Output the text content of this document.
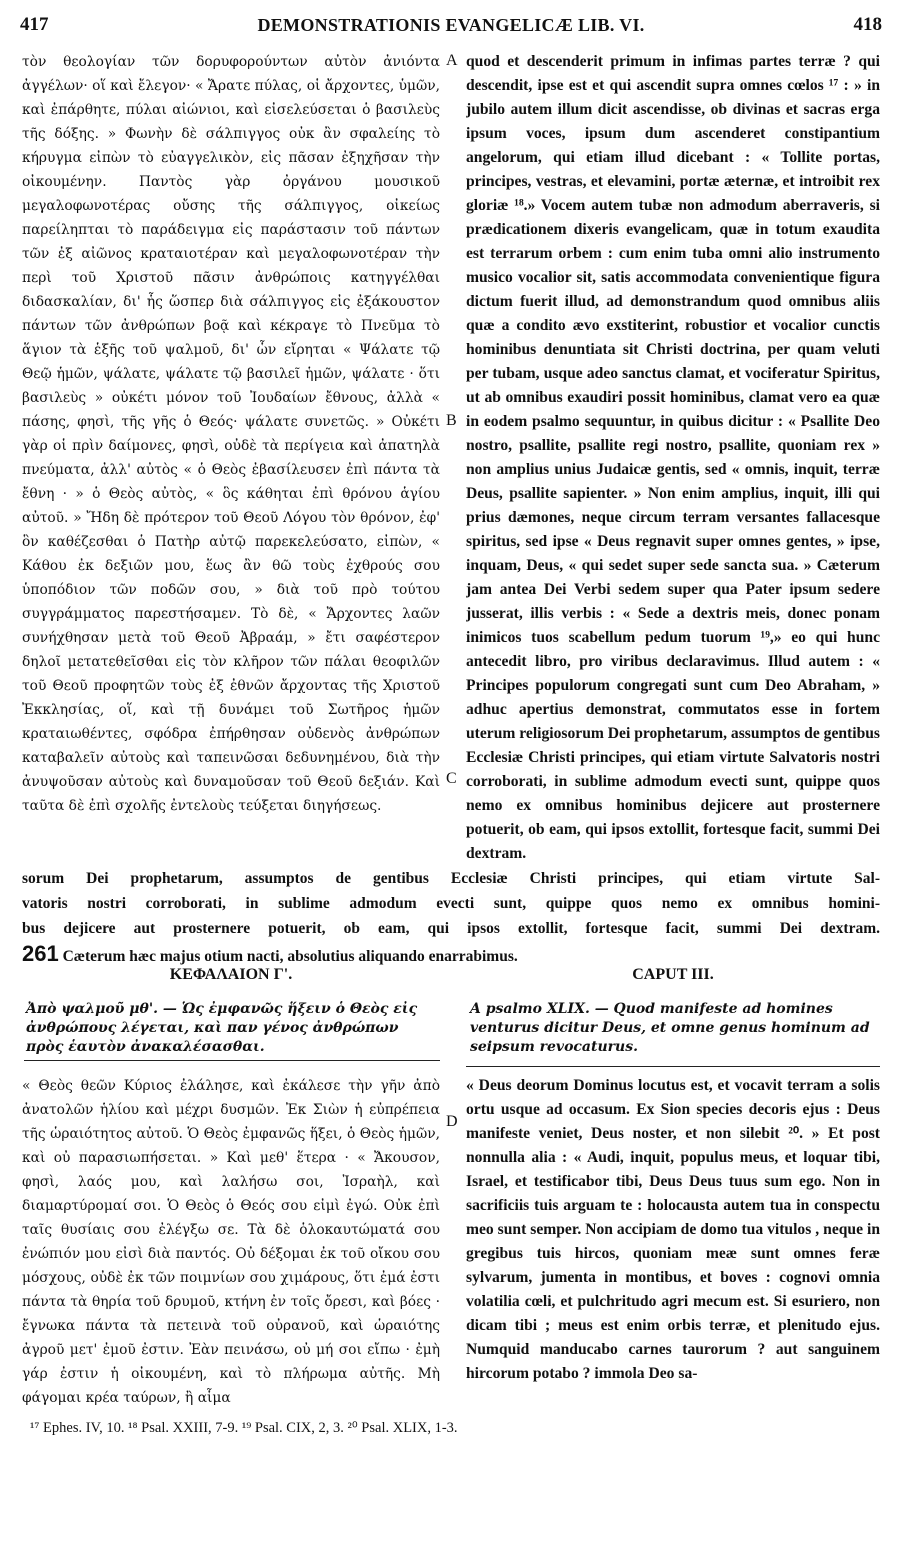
417	DEMONSTRATIONIS EVANGELICÆ LIB. VI.	418

τὸν θεολογίαν τῶν δορυφορούντων αὐτὸν ἀνιόντα ἀγγέλων· οἵ καὶ ἔλεγον· « Ἄρατε πύλας, οἱ ἄρχοντες, ὑμῶν, καὶ ἐπάρθητε, πύλαι αἰώνιοι, καὶ εἰσελεύσεται ὁ βασιλεὺς τῆς δόξης. » Φωνὴν δὲ σάλπιγγος οὐκ ἂν σφαλείης τὸ κήρυγμα εἰπὼν τὸ εὐαγγελικὸν, εἰς πᾶσαν ἐξηχῆσαν τὴν οἰκουμένην. Παντὸς γὰρ ὀργάνου μουσικοῦ μεγαλοφωνοτέρας οὔσης τῆς σάλπιγγος, οἰκείως παρείληπται τὸ παράδειγμα εἰς παράστασιν τοῦ πάντων τῶν ἐξ αἰῶνος κραταιοτέραν καὶ μεγαλοφωνοτέραν τὴν περὶ τοῦ Χριστοῦ πᾶσιν ἀνθρώποις κατηγγέλθαι διδασκαλίαν, δι' ἧς ὥσπερ διὰ σάλπιγγος εἰς ἐξάκουστον πάντων τῶν ἀνθρώπων βοᾷ καὶ κέκραγε τὸ Πνεῦμα τὸ ἅγιον τὰ ἑξῆς τοῦ ψαλμοῦ, δι' ὧν εἴρηται « Ψάλατε τῷ Θεῷ ἡμῶν, ψάλατε, ψάλατε τῷ βασιλεῖ ἡμῶν, ψάλατε · ὅτι βασιλεὺς » οὐκέτι μόνον τοῦ Ἰουδαίων ἔθνους, ἀλλὰ « πάσης, φησὶ, τῆς γῆς ὁ Θεός· ψάλατε συνετῶς. » Οὐκέτι γὰρ οἱ πρὶν δαίμονες, φησὶ, οὐδὲ τὰ περίγεια καὶ ἀπατηλὰ πνεύματα, ἀλλ' αὐτὸς « ὁ Θεὸς ἐβασίλευσεν ἐπὶ πάντα τὰ ἔθνη · » ὁ Θεὸς αὐτὸς, « ὃς κάθηται ἐπὶ θρόνου ἁγίου αὐτοῦ. » Ἤδη δὲ πρότερον τοῦ Θεοῦ Λόγου τὸν θρόνον, ἐφ' ὃν καθέζεσθαι ὁ Πατὴρ αὐτῷ παρεκελεύσατο, εἰπὼν, « Κάθου ἐκ δεξιῶν μου, ἕως ἂν θῶ τοὺς ἐχθρούς σου ὑποπόδιον τῶν ποδῶν σου, » διὰ τοῦ πρὸ τούτου συγγράμματος παρεστήσαμεν. Τὸ δὲ, « Ἄρχοντες λαῶν συνήχθησαν μετὰ τοῦ Θεοῦ Ἀβραάμ, » ἔτι σαφέστερον δηλοῖ μετατεθεῖσθαι εἰς τὸν κλῆρον τῶν πάλαι θεοφιλῶν τοῦ Θεοῦ προφητῶν τοὺς ἐξ ἐθνῶν ἄρχοντας τῆς Χριστοῦ Ἐκκλησίας, οἵ, καὶ τῇ δυνάμει τοῦ Σωτῆρος ἡμῶν κραταιωθέντες, σφόδρα ἐπήρθησαν οὐδενὸς ἀνθρώπων καταβαλεῖν αὐτοὺς καὶ ταπεινῶσαι δεδυνημένου, διὰ τὴν ἀνυψοῦσαν αὐτοὺς καὶ δυναμοῦσαν τοῦ Θεοῦ δεξιάν. Καὶ ταῦτα δὲ ἐπὶ σχολῆς ἐντελοὺς τεύξεται διηγήσεως.

quod et descenderit primum in infimas partes terræ ? qui descendit, ipse est et qui ascendit supra omnes cœlos ¹⁷ : » in jubilo autem illum dicit ascendisse, ob divinas et sacras erga ipsum voces, ipsum dum ascenderet constipantium angelorum, qui etiam illud dicebant : « Tollite portas, principes, vestras, et elevamini, portæ æternæ, et introibit rex gloriæ ¹⁸.» Vocem autem tubæ non admodum aberraveris, si prædicationem dixeris evangelicam, quæ in totum exaudita est terrarum orbem : cum enim tuba omni alio instrumento musico vocalior sit, satis accommodata convenientique figura dictum fuerit illud, ad demonstrandum quod omnibus aliis quæ a condito ævo exstiterint, robustior et vocalior cunctis hominibus denuntiata sit Christi doctrina, per quam veluti per tubam, usque adeo sanctus clamat, et vociferatur Spiritus, ut ab omnibus exaudiri possit hominibus, clamat vero ea quæ in eodem psalmo sequuntur, in quibus dicitur : « Psallite Deo nostro, psallite, psallite regi nostro, psallite, quoniam rex » non amplius unius Judaicæ gentis, sed « omnis, inquit, terræ Deus, psallite sapienter. » Non enim amplius, inquit, illi qui prius dæmones, neque circum terram versantes fallacesque spiritus, sed ipse « Deus regnavit super omnes gentes, » ipse, inquam, Deus, « qui sedet super sede sancta sua. » Cæterum jam antea Dei Verbi sedem super qua Pater ipsum sedere jusserat, illis verbis : « Sede a dextris meis, donec ponam inimicos tuos scabellum pedum tuorum ¹⁹,» eo qui hunc antecedit libro, pro viribus declaravimus. Illud autem : « Principes populorum congregati sunt cum Deo Abraham, » adhuc apertius demonstrat, commutatos esse in fortem uterum religiosorum Dei prophetarum, assumptos de gentibus Ecclesiæ Christi principes, qui etiam virtute Salvatoris nostri corroborati, in sublime admodum evecti sunt, quippe quos nemo ex omnibus hominibus dejicere aut prosternere potuerit, ob eam, qui ipsos extollit, fortesque facit, summi Dei dextram.

A
B
C
D
sorum Dei prophetarum, assumptos de gentibus Ecclesiæ Christi principes, qui etiam virtute Sal-
vatoris nostri corroborati, in sublime admodum evecti sunt, quippe quos nemo ex omnibus homini-
bus dejicere aut prosternere potuerit, ob eam, qui ipsos extollit, fortesque facit, summi Dei dextram.
261 Cæterum hæc majus otium nacti, absolutius aliquando enarrabimus.
ΚΕΦΑΛΑΙΟΝ Γ'.	CAPUT III.
Ἀπὸ ψαλμοῦ μθ'. — Ὡς ἐμφανῶς ἥξειν ὁ Θεὸς εἰς ἀνθρώπους λέγεται, καὶ παν γένος ἀνθρώπων πρὸς ἑαυτὸν ἀνακαλέσασθαι.
A psalmo XLIX. — Quod manifeste ad homines venturus dicitur Deus, et omne genus hominum ad seipsum revocaturus.

« Θεὸς θεῶν Κύριος ἐλάλησε, καὶ ἐκάλεσε τὴν γῆν ἀπὸ ἀνατολῶν ἡλίου καὶ μέχρι δυσμῶν. Ἐκ Σιὼν ἡ εὐπρέπεια τῆς ὡραιότητος αὐτοῦ. Ὁ Θεὸς ἐμφανῶς ἥξει, ὁ Θεὸς ἡμῶν, καὶ οὐ παρασιωπήσεται. » Καὶ μεθ' ἕτερα · « Ἄκουσον, φησὶ, λαός μου, καὶ λαλήσω σοι, Ἰσραὴλ, καὶ διαμαρτύρομαί σοι. Ὁ Θεὸς ὁ Θεός σου εἰμὶ ἐγώ. Οὐκ ἐπὶ ταῖς θυσίαις σου ἐλέγξω σε. Τὰ δὲ ὁλοκαυτώματά σου ἐνώπιόν μου εἰσὶ διὰ παντός. Οὐ δέξομαι ἐκ τοῦ οἴκου σου μόσχους, οὐδὲ ἐκ τῶν ποιμνίων σου χιμάρους, ὅτι ἐμά ἐστι πάντα τὰ θηρία τοῦ δρυμοῦ, κτήνη ἐν τοῖς ὄρεσι, καὶ βόες · ἔγνωκα πάντα τὰ πετεινὰ τοῦ οὐρανοῦ, καὶ ὡραιότης ἀγροῦ μετ' ἐμοῦ ἐστιν. Ἐὰν πεινάσω, οὐ μή σοι εἴπω · ἐμὴ γάρ ἐστιν ἡ οἰκουμένη, καὶ τὸ πλήρωμα αὐτῆς. Μὴ φάγομαι κρέα ταύρων, ἢ αἷμα

« Deus deorum Dominus locutus est, et vocavit terram a solis ortu usque ad occasum. Ex Sion species decoris ejus : Deus manifeste veniet, Deus noster, et non silebit ²⁰. » Et post nonnulla alia : « Audi, inquit, populus meus, et loquar tibi, Israel, et testificabor tibi, Deus Deus tuus sum ego. Non in sacrificiis tuis arguam te : holocausta autem tua in conspectu meo sunt semper. Non accipiam de domo tua vitulos , neque in gregibus tuis hircos, quoniam meæ sunt omnes feræ sylvarum, jumenta in montibus, et boves : cognovi omnia volatilia cœli, et pulchritudo agri mecum est. Si esuriero, non dicam tibi ; meus est enim orbis terræ, et plenitudo ejus. Numquid manducabo carnes taurorum ? aut sanguinem hircorum potabo ? immola Deo sa-

¹⁷ Ephes. IV, 10. ¹⁸ Psal. XXIII, 7-9. ¹⁹ Psal. CIX, 2, 3. ²⁰ Psal. XLIX, 1-3.
